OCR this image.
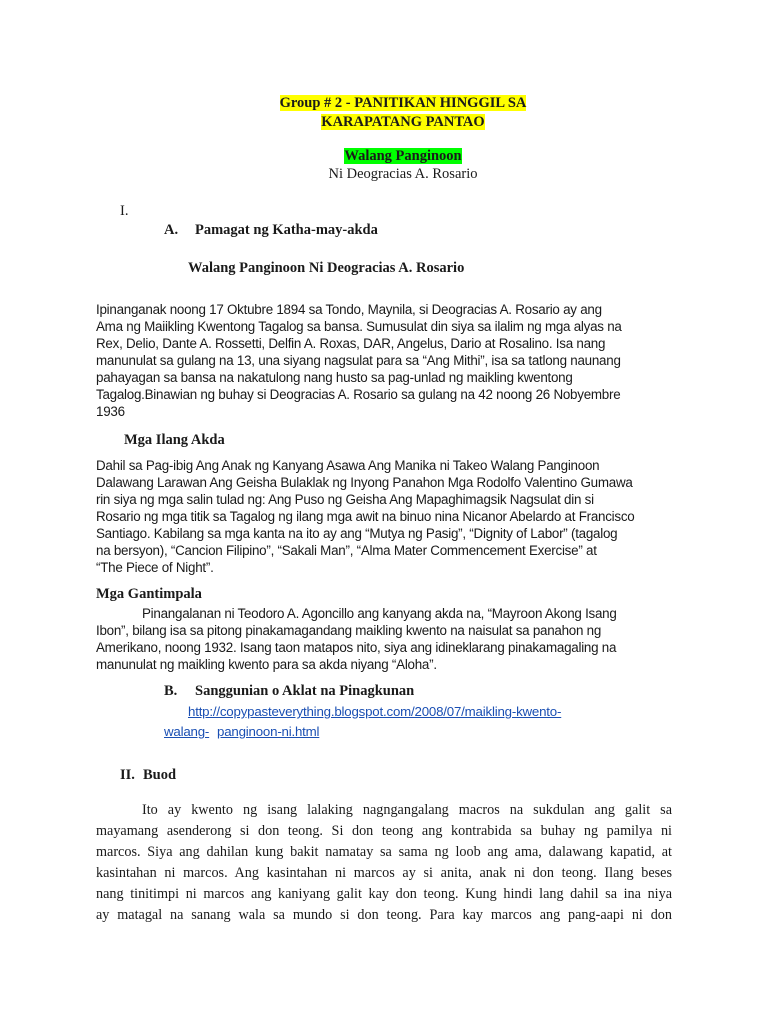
Group # 2 - PANITIKAN HINGGIL SA
KARAPATANG PANTAO
Walang Panginoon
Ni Deogracias A. Rosario
I.
A. Pamagat ng Katha-may-akda
Walang Panginoon Ni Deogracias A. Rosario
Ipinanganak noong 17 Oktubre 1894 sa Tondo, Maynila, si Deogracias A. Rosario ay ang
Ama ng Maiikling Kwentong Tagalog sa bansa. Sumusulat din siya sa ilalim ng mga alyas na
Rex, Delio, Dante A. Rossetti, Delfin A. Roxas, DAR, Angelus, Dario at Rosalino. Isa nang
manunulat sa gulang na 13, una siyang nagsulat para sa “Ang Mithi”, isa sa tatlong naunang
pahayagan sa bansa na nakatulong nang husto sa pag-unlad ng maikling kwentong
Tagalog.Binawian ng buhay si Deogracias A. Rosario sa gulang na 42 noong 26 Nobyembre
1936
Mga Ilang Akda
Dahil sa Pag-ibig Ang Anak ng Kanyang Asawa Ang Manika ni Takeo Walang Panginoon
Dalawang Larawan Ang Geisha Bulaklak ng Inyong Panahon Mga Rodolfo Valentino Gumawa
rin siya ng mga salin tulad ng: Ang Puso ng Geisha Ang Mapaghimagsik Nagsulat din si
Rosario ng mga titik sa Tagalog ng ilang mga awit na binuo nina Nicanor Abelardo at Francisco
Santiago. Kabilang sa mga kanta na ito ay ang “Mutya ng Pasig”, “Dignity of Labor” (tagalog
na bersyon), “Cancion Filipino”, “Sakali Man”, “Alma Mater Commencement Exercise” at
“The Piece of Night”.
Mga Gantimpala
Pinangalanan ni Teodoro A. Agoncillo ang kanyang akda na, “Mayroon Akong Isang
Ibon”, bilang isa sa pitong pinakamagandang maikling kwento na naisulat sa panahon ng
Amerikano, noong 1932. Isang taon matapos nito, siya ang idineklarang pinakamagaling na
manunulat ng maikling kwento para sa akda niyang “Aloha”.
B. Sanggunian o Aklat na Pinagkunan
http://copypasteverything.blogspot.com/2008/07/maikling-kwento-
walang- panginoon-ni.html
II. Buod
Ito ay kwento ng isang lalaking nagngangalang macros na sukdulan ang galit sa
mayamang asenderong si don teong. Si don teong ang kontrabida sa buhay ng pamilya ni
marcos. Siya ang dahilan kung bakit namatay sa sama ng loob ang ama, dalawang kapatid, at
kasintahan ni marcos. Ang kasintahan ni marcos ay si anita, anak ni don teong. Ilang beses
nang tinitimpi ni marcos ang kaniyang galit kay don teong. Kung hindi lang dahil sa ina niya
ay matagal na sanang wala sa mundo si don teong. Para kay marcos ang pang-aapi ni don
